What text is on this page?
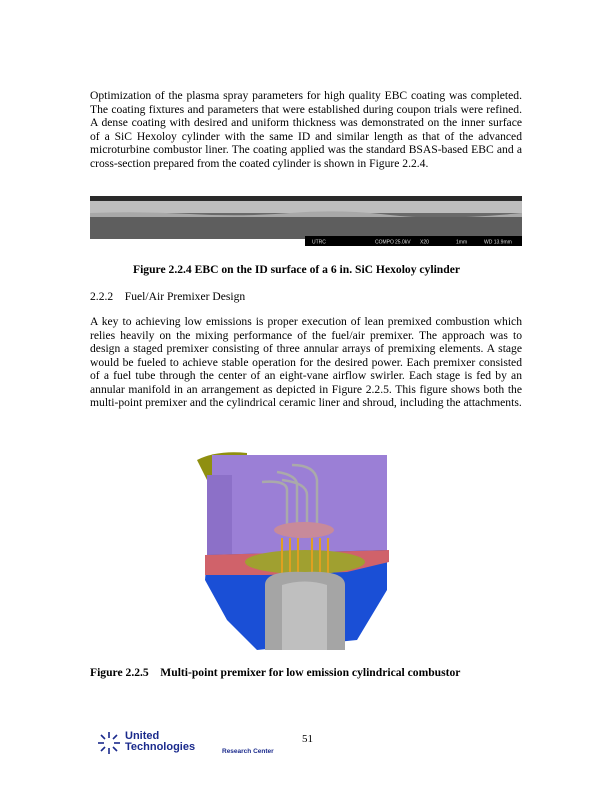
Optimization of the plasma spray parameters for high quality EBC coating was completed. The coating fixtures and parameters that were established during coupon trials were refined. A dense coating with desired and uniform thickness was demonstrated on the inner surface of a SiC Hexoloy cylinder with the same ID and similar length as that of the advanced microturbine combustor liner. The coating applied was the standard BSAS-based EBC and a cross-section prepared from the coated cylinder is shown in Figure 2.2.4.

UTRC	COMPO 25.0kV X20	1mm	WD 13.9mm

Figure 2.2.4 EBC on the ID surface of a 6 in. SiC Hexoloy cylinder

2.2.2    Fuel/Air Premixer Design

A key to achieving low emissions is proper execution of lean premixed combustion which relies heavily on the mixing performance of the fuel/air premixer. The approach was to design a staged premixer consisting of three annular arrays of premixing elements. A stage would be fueled to achieve stable operation for the desired power. Each premixer consisted of a fuel tube through the center of an eight-vane airflow swirler. Each stage is fed by an annular manifold in an arrangement as depicted in Figure 2.2.5. This figure shows both the multi-point premixer and the cylindrical ceramic liner and shroud, including the attachments.

Figure 2.2.5    Multi-point premixer for low emission cylindrical combustor

United
Technologies	Research Center
51
